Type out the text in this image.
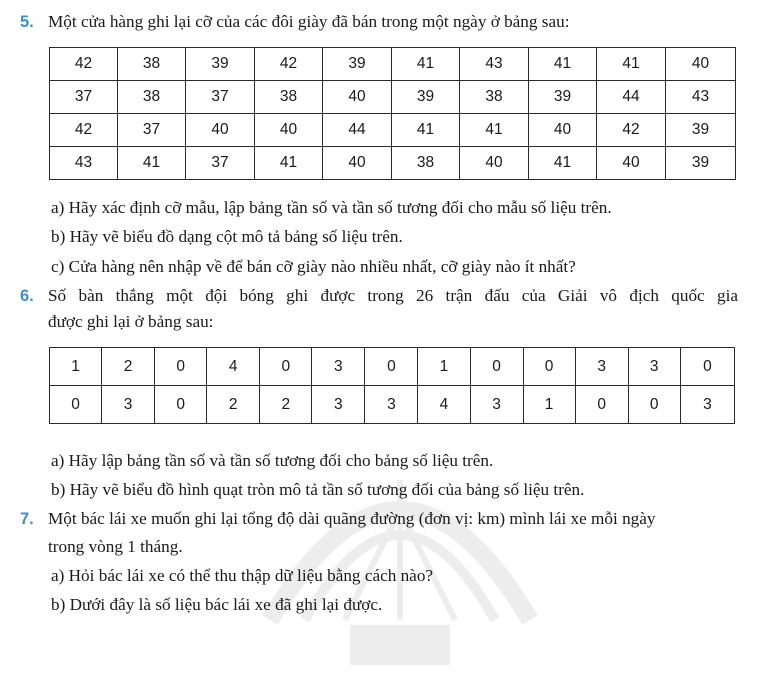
5. Một cửa hàng ghi lại cỡ của các đôi giày đã bán trong một ngày ở bảng sau:
42	38	39	42	39	41	43	41	41	40
37	38	37	38	40	39	38	39	44	43
42	37	40	40	44	41	41	40	42	39
43	41	37	41	40	38	40	41	40	39
a) Hãy xác định cỡ mẫu, lập bảng tần số và tần số tương đối cho mẫu số liệu trên.
b) Hãy vẽ biểu đồ dạng cột mô tả bảng số liệu trên.
c) Cửa hàng nên nhập về để bán cỡ giày nào nhiều nhất, cỡ giày nào ít nhất?
6. Số bàn thắng một đội bóng ghi được trong 26 trận đấu của Giải vô địch quốc gia
được ghi lại ở bảng sau:
1	2	0	4	0	3	0	1	0	0	3	3	0
0	3	0	2	2	3	3	4	3	1	0	0	3
a) Hãy lập bảng tần số và tần số tương đối cho bảng số liệu trên.
b) Hãy vẽ biểu đồ hình quạt tròn mô tả tần số tương đối của bảng số liệu trên.
7. Một bác lái xe muốn ghi lại tổng độ dài quãng đường (đơn vị: km) mình lái xe mỗi ngày
trong vòng 1 tháng.
a) Hỏi bác lái xe có thể thu thập dữ liệu bằng cách nào?
b) Dưới đây là số liệu bác lái xe đã ghi lại được.
